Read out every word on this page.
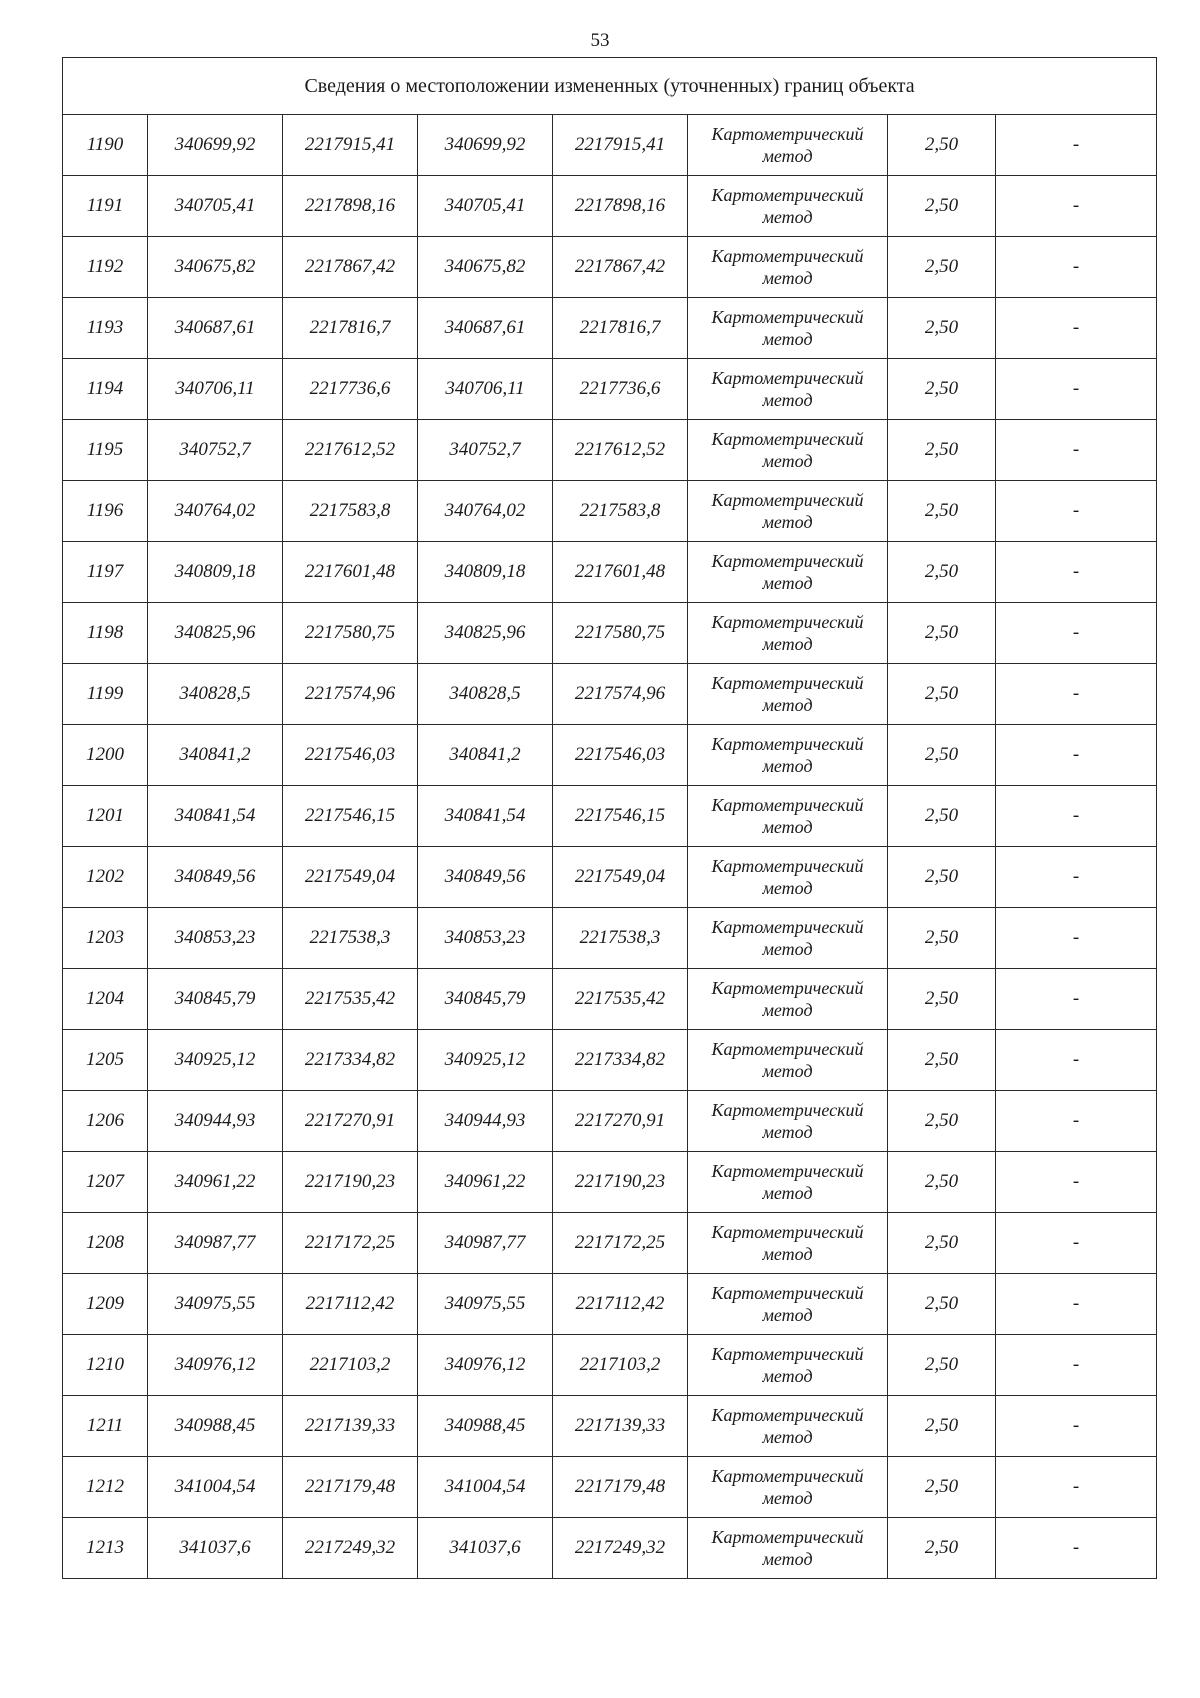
53
Сведения о местоположении измененных (уточненных) границ объекта							
1190	340699,92	2217915,41	340699,92	2217915,41	Картометрический метод	2,50	-
1191	340705,41	2217898,16	340705,41	2217898,16	Картометрический метод	2,50	-
1192	340675,82	2217867,42	340675,82	2217867,42	Картометрический метод	2,50	-
1193	340687,61	2217816,7	340687,61	2217816,7	Картометрический метод	2,50	-
1194	340706,11	2217736,6	340706,11	2217736,6	Картометрический метод	2,50	-
1195	340752,7	2217612,52	340752,7	2217612,52	Картометрический метод	2,50	-
1196	340764,02	2217583,8	340764,02	2217583,8	Картометрический метод	2,50	-
1197	340809,18	2217601,48	340809,18	2217601,48	Картометрический метод	2,50	-
1198	340825,96	2217580,75	340825,96	2217580,75	Картометрический метод	2,50	-
1199	340828,5	2217574,96	340828,5	2217574,96	Картометрический метод	2,50	-
1200	340841,2	2217546,03	340841,2	2217546,03	Картометрический метод	2,50	-
1201	340841,54	2217546,15	340841,54	2217546,15	Картометрический метод	2,50	-
1202	340849,56	2217549,04	340849,56	2217549,04	Картометрический метод	2,50	-
1203	340853,23	2217538,3	340853,23	2217538,3	Картометрический метод	2,50	-
1204	340845,79	2217535,42	340845,79	2217535,42	Картометрический метод	2,50	-
1205	340925,12	2217334,82	340925,12	2217334,82	Картометрический метод	2,50	-
1206	340944,93	2217270,91	340944,93	2217270,91	Картометрический метод	2,50	-
1207	340961,22	2217190,23	340961,22	2217190,23	Картометрический метод	2,50	-
1208	340987,77	2217172,25	340987,77	2217172,25	Картометрический метод	2,50	-
1209	340975,55	2217112,42	340975,55	2217112,42	Картометрический метод	2,50	-
1210	340976,12	2217103,2	340976,12	2217103,2	Картометрический метод	2,50	-
1211	340988,45	2217139,33	340988,45	2217139,33	Картометрический метод	2,50	-
1212	341004,54	2217179,48	341004,54	2217179,48	Картометрический метод	2,50	-
1213	341037,6	2217249,32	341037,6	2217249,32	Картометрический метод	2,50	-
